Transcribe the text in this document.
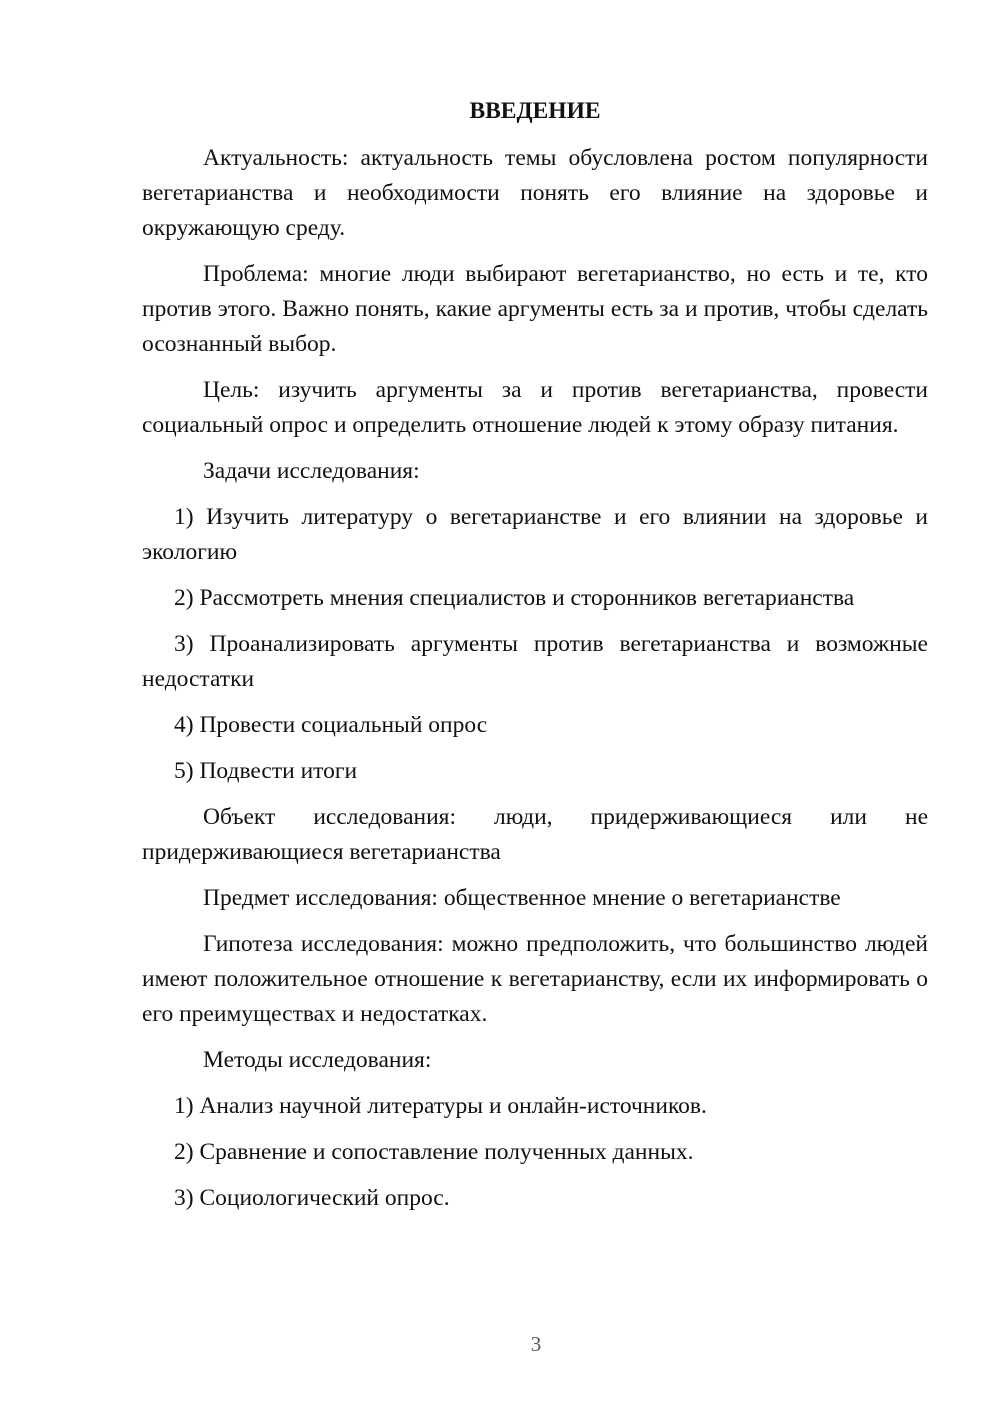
ВВЕДЕНИЕ

Актуальность: актуальность темы обусловлена ростом популярности вегетарианства и необходимости понять его влияние на здоровье и окружающую среду.

Проблема: многие люди выбирают вегетарианство, но есть и те, кто против этого. Важно понять, какие аргументы есть за и против, чтобы сделать осознанный выбор.

Цель: изучить аргументы за и против вегетарианства, провести социальный опрос и определить отношение людей к этому образу питания.

Задачи исследования:

1) Изучить литературу о вегетарианстве и его влиянии на здоровье и экологию

2) Рассмотреть мнения специалистов и сторонников вегетарианства

3) Проанализировать аргументы против вегетарианства и возможные недостатки

4) Провести социальный опрос

5) Подвести итоги

Объект исследования: люди, придерживающиеся или не придерживающиеся вегетарианства

Предмет исследования: общественное мнение о вегетарианстве

Гипотеза исследования: можно предположить, что большинство людей имеют положительное отношение к вегетарианству, если их информировать о его преимуществах и недостатках.

Методы исследования:

1) Анализ научной литературы и онлайн-источников.

2) Сравнение и сопоставление полученных данных.

3) Социологический опрос.

3
